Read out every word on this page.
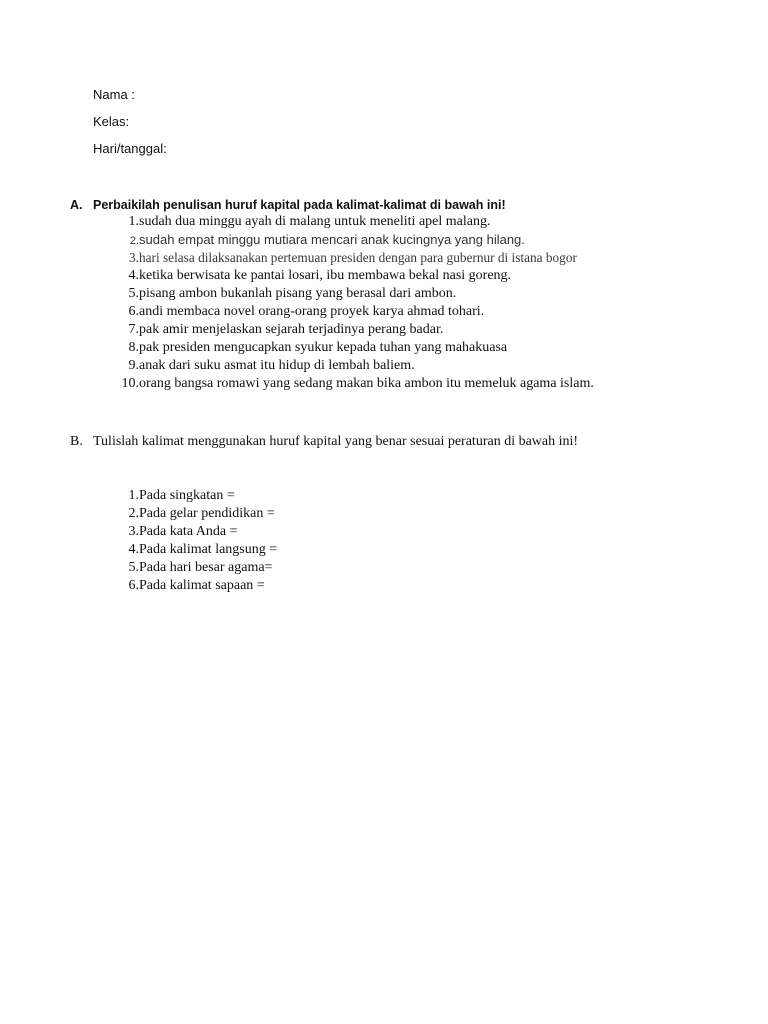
Nama :
Kelas:
Hari/tanggal:
A. Perbaikilah penulisan huruf kapital pada kalimat-kalimat di bawah ini!
1. sudah dua minggu ayah di malang untuk meneliti apel malang.
2. sudah empat minggu mutiara mencari anak kucingnya yang hilang.
3. hari selasa dilaksanakan pertemuan presiden dengan para gubernur di istana bogor
4. ketika berwisata ke pantai losari, ibu membawa bekal nasi goreng.
5. pisang ambon bukanlah pisang yang berasal dari ambon.
6. andi membaca novel orang-orang proyek karya ahmad tohari.
7. pak amir menjelaskan sejarah terjadinya perang badar.
8. pak presiden mengucapkan syukur kepada tuhan yang mahakuasa
9. anak dari suku asmat itu hidup di lembah baliem.
10. orang bangsa romawi yang sedang makan bika ambon itu memeluk agama islam.
B. Tulislah kalimat menggunakan huruf kapital yang benar sesuai peraturan di bawah ini!
1. Pada singkatan =
2. Pada gelar pendidikan =
3. Pada kata Anda =
4. Pada kalimat langsung =
5. Pada hari besar agama=
6. Pada kalimat sapaan =
